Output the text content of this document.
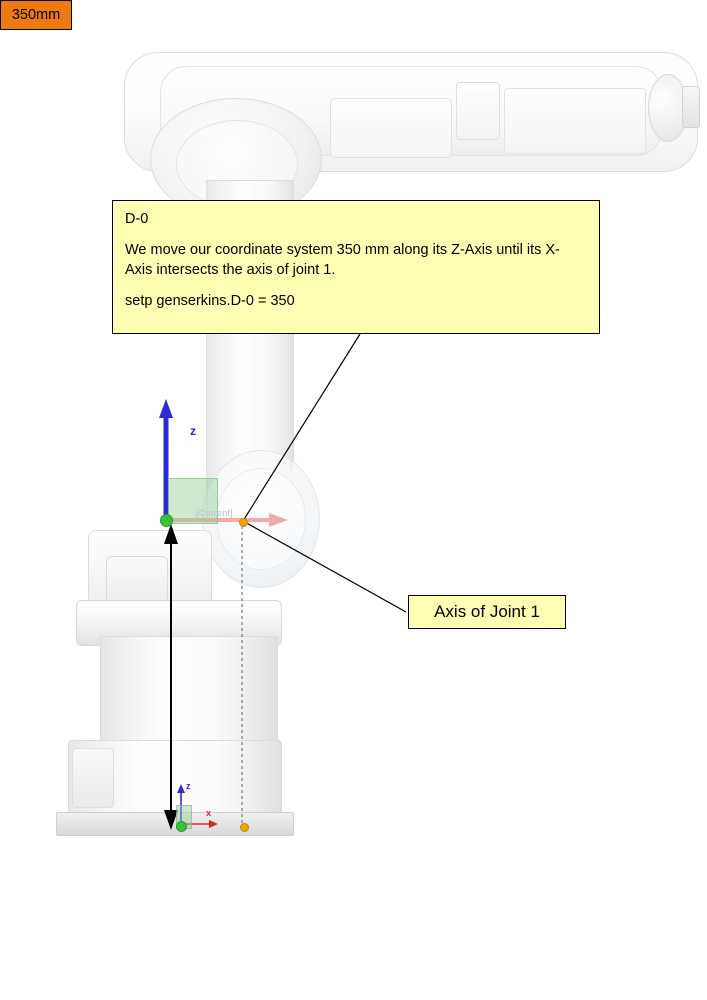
z
z
x
[Current]

D-0

We move our coordinate system 350 mm along its Z-Axis until its X-Axis intersects the axis of joint 1.

setp genserkins.D-0 = 350

Axis of Joint 1
350mm
